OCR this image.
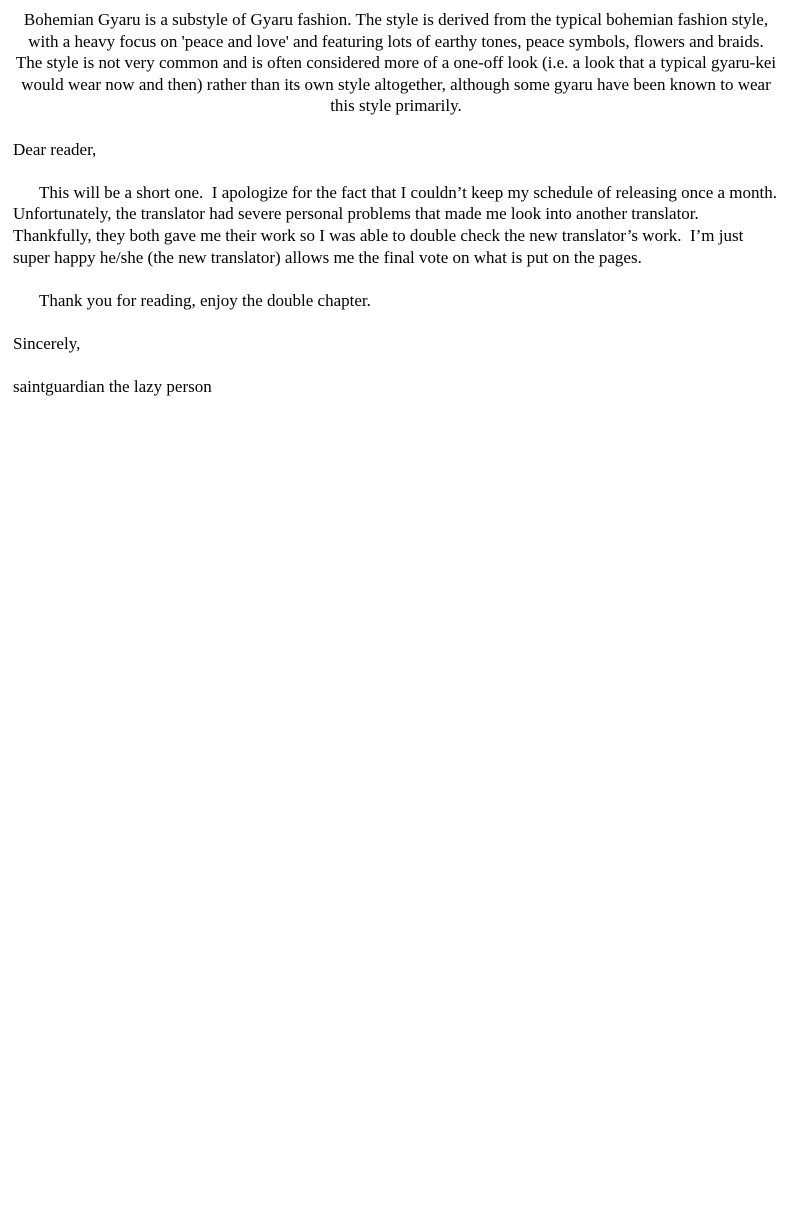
Bohemian Gyaru is a substyle of Gyaru fashion. The style is derived from the typical bohemian fashion style, with a heavy focus on 'peace and love' and featuring lots of earthy tones, peace symbols, flowers and braids.

The style is not very common and is often considered more of a one-off look (i.e. a look that a typical gyaru-kei would wear now and then) rather than its own style altogether, although some gyaru have been known to wear this style primarily.

Dear reader,

This will be a short one.  I apologize for the fact that I couldn’t keep my schedule of releasing once a month.  Unfortunately, the translator had severe personal problems that made me look into another translator.  Thankfully, they both gave me their work so I was able to double check the new translator’s work.  I’m just super happy he/she (the new translator) allows me the final vote on what is put on the pages.

Thank you for reading, enjoy the double chapter.

Sincerely,

saintguardian the lazy person
